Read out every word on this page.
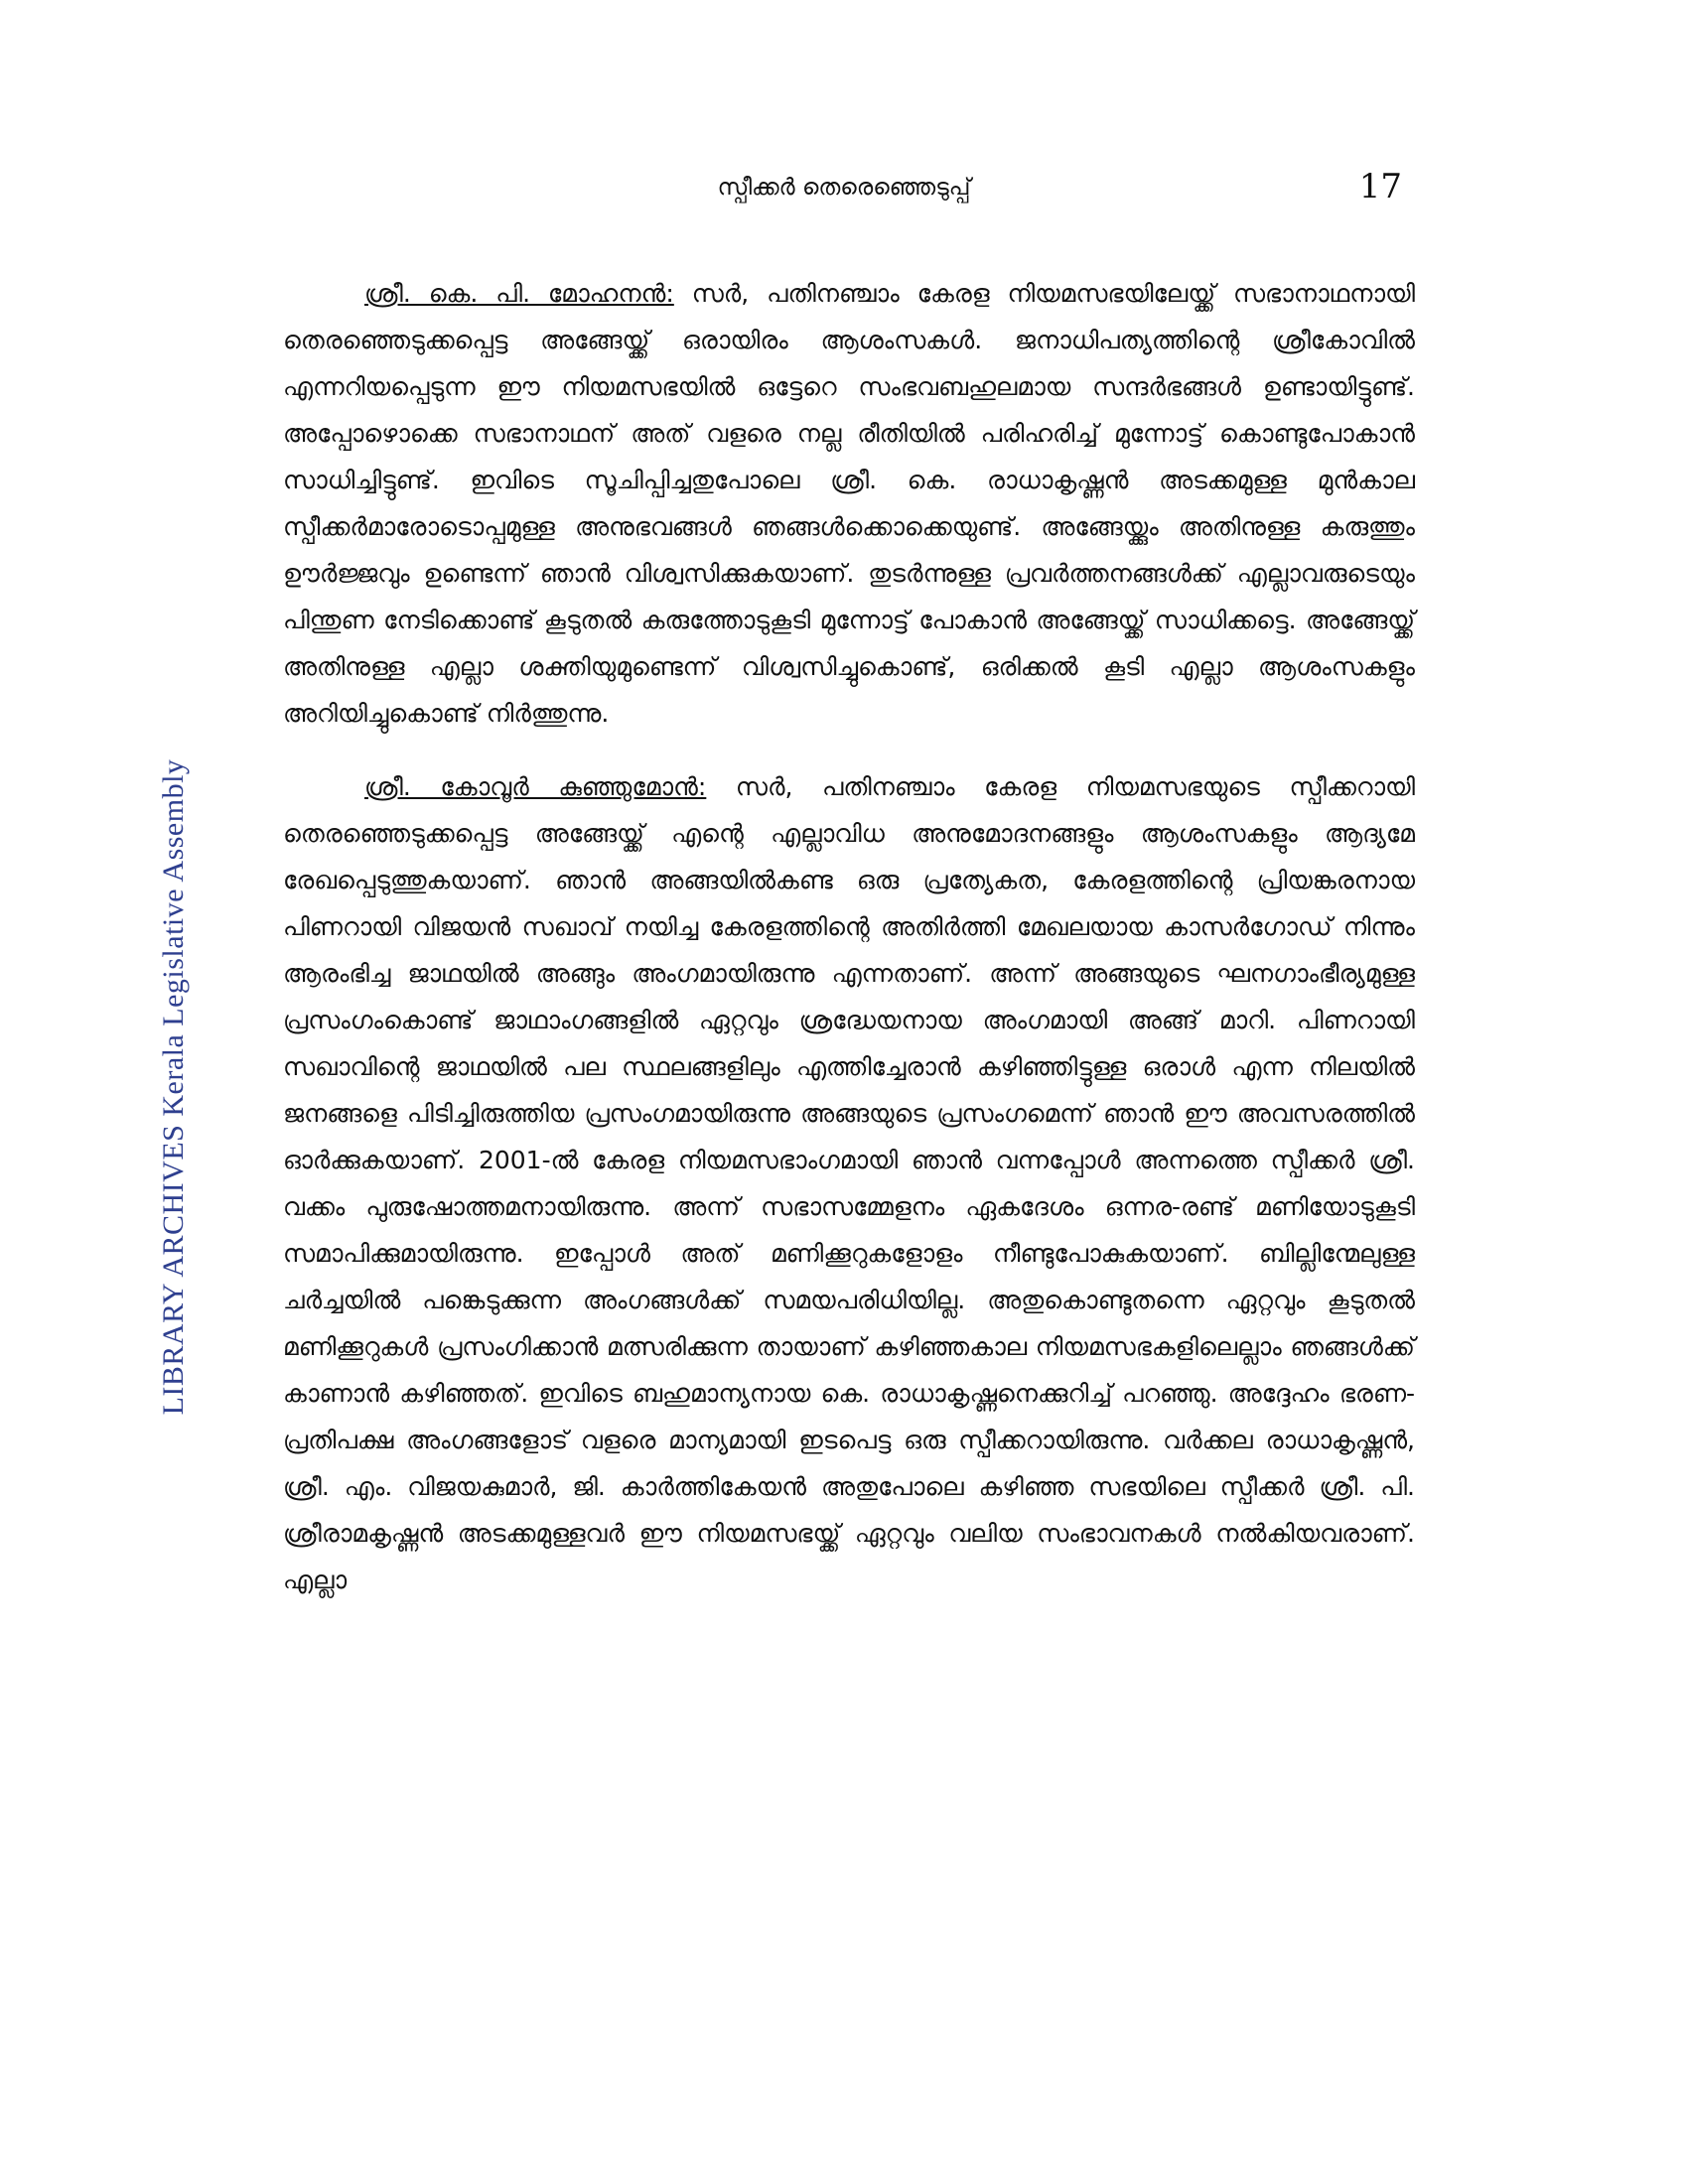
സ്പീക്കർ തെരെഞ്ഞെടുപ്പ്	17
LIBRARY ARCHIVES Kerala Legislative Assembly

ശ്രീ. കെ. പി. മോഹനൻ: സർ, പതിനഞ്ചാം കേരള നിയമസഭയിലേയ്ക്ക് സഭാനാഥനായി തെരഞ്ഞെടുക്കപ്പെട്ട അങ്ങേയ്ക്ക് ഒരായിരം ആശംസകൾ. ജനാധിപത്യത്തിന്റെ ശ്രീകോവിൽ എന്നറിയപ്പെടുന്ന ഈ നിയമസഭയിൽ ഒട്ടേറെ സംഭവബഹുലമായ സന്ദർഭങ്ങൾ ഉണ്ടായിട്ടുണ്ട്. അപ്പോഴൊക്കെ സഭാനാഥന് അത് വളരെ നല്ല രീതിയിൽ പരിഹരിച്ച് മുന്നോട്ട് കൊണ്ടുപോകാൻ സാധിച്ചിട്ടുണ്ട്. ഇവിടെ സൂചിപ്പിച്ചതുപോലെ ശ്രീ. കെ. രാധാകൃഷ്ണൻ അടക്കമുള്ള മുൻകാല സ്പീക്കർമാരോടൊപ്പമുള്ള അനുഭവങ്ങൾ ഞങ്ങൾക്കൊക്കെയുണ്ട്. അങ്ങേയ്ക്കും അതിനുള്ള കരുത്തും ഊർജ്ജവും ഉണ്ടെന്ന് ഞാൻ വിശ്വസിക്കുകയാണ്. തുടർന്നുള്ള പ്രവർത്തനങ്ങൾക്ക് എല്ലാവരുടെയും പിന്തുണ നേടിക്കൊണ്ട് കൂടുതൽ കരുത്തോടുകൂടി മുന്നോട്ട് പോകാൻ അങ്ങേയ്ക്ക് സാധിക്കട്ടെ. അങ്ങേയ്ക്ക് അതിനുള്ള എല്ലാ ശക്തിയുമുണ്ടെന്ന് വിശ്വസിച്ചുകൊണ്ട്, ഒരിക്കൽ കൂടി എല്ലാ ആശംസകളും അറിയിച്ചുകൊണ്ട് നിർത്തുന്നു.

ശ്രീ. കോവൂർ കുഞ്ഞുമോൻ: സർ, പതിനഞ്ചാം കേരള നിയമസഭയുടെ സ്പീക്കറായി തെരഞ്ഞെടുക്കപ്പെട്ട അങ്ങേയ്ക്ക് എന്റെ എല്ലാവിധ അനുമോദനങ്ങളും ആശംസകളും ആദ്യമേ രേഖപ്പെടുത്തുകയാണ്. ഞാൻ അങ്ങയിൽകണ്ട ഒരു പ്രത്യേകത, കേരളത്തിന്റെ പ്രിയങ്കരനായ പിണറായി വിജയൻ സഖാവ് നയിച്ച കേരളത്തിന്റെ അതിർത്തി മേഖലയായ കാസർഗോഡ് നിന്നും ആരംഭിച്ച ജാഥയിൽ അങ്ങും അംഗമായിരുന്നു എന്നതാണ്. അന്ന് അങ്ങയുടെ ഘനഗാംഭീര്യമുള്ള പ്രസംഗംകൊണ്ട് ജാഥാംഗങ്ങളിൽ ഏറ്റവും ശ്രദ്ധേയനായ അംഗമായി അങ്ങ് മാറി. പിണറായി സഖാവിന്റെ ജാഥയിൽ പല സ്ഥലങ്ങളിലും എത്തിച്ചേരാൻ കഴിഞ്ഞിട്ടുള്ള ഒരാൾ എന്ന നിലയിൽ ജനങ്ങളെ പിടിച്ചിരുത്തിയ പ്രസംഗമായിരുന്നു അങ്ങയുടെ പ്രസംഗമെന്ന് ഞാൻ ഈ അവസരത്തിൽ ഓർക്കുകയാണ്. 2001-ൽ കേരള നിയമസഭാംഗമായി ഞാൻ വന്നപ്പോൾ അന്നത്തെ സ്പീക്കർ ശ്രീ. വക്കം പുരുഷോത്തമനായിരുന്നു. അന്ന് സഭാസമ്മേളനം ഏകദേശം ഒന്നര-രണ്ട് മണിയോടുകൂടി സമാപിക്കുമായിരുന്നു. ഇപ്പോൾ അത് മണിക്കൂറുകളോളം നീണ്ടുപോകുകയാണ്. ബില്ലിന്മേലുള്ള ചർച്ചയിൽ പങ്കെടുക്കുന്ന അംഗങ്ങൾക്ക് സമയപരിധിയില്ല. അതുകൊണ്ടുതന്നെ ഏറ്റവും കൂടുതൽ മണിക്കൂറുകൾ പ്രസംഗിക്കാൻ മത്സരിക്കുന്ന തായാണ് കഴിഞ്ഞകാല നിയമസഭകളിലെല്ലാം ഞങ്ങൾക്ക് കാണാൻ കഴിഞ്ഞത്. ഇവിടെ ബഹുമാന്യനായ കെ. രാധാകൃഷ്ണനെക്കുറിച്ച് പറഞ്ഞു. അദ്ദേഹം ഭരണ-പ്രതിപക്ഷ അംഗങ്ങളോട് വളരെ മാന്യമായി ഇടപെട്ട ഒരു സ്പീക്കറായിരുന്നു. വർക്കല രാധാകൃഷ്ണൻ, ശ്രീ. എം. വിജയകുമാർ, ജി. കാർത്തികേയൻ അതുപോലെ കഴിഞ്ഞ സഭയിലെ സ്പീക്കർ ശ്രീ. പി. ശ്രീരാമകൃഷ്ണൻ അടക്കമുള്ളവർ ഈ നിയമസഭയ്ക്ക് ഏറ്റവും വലിയ സംഭാവനകൾ നൽകിയവരാണ്. എല്ലാ
